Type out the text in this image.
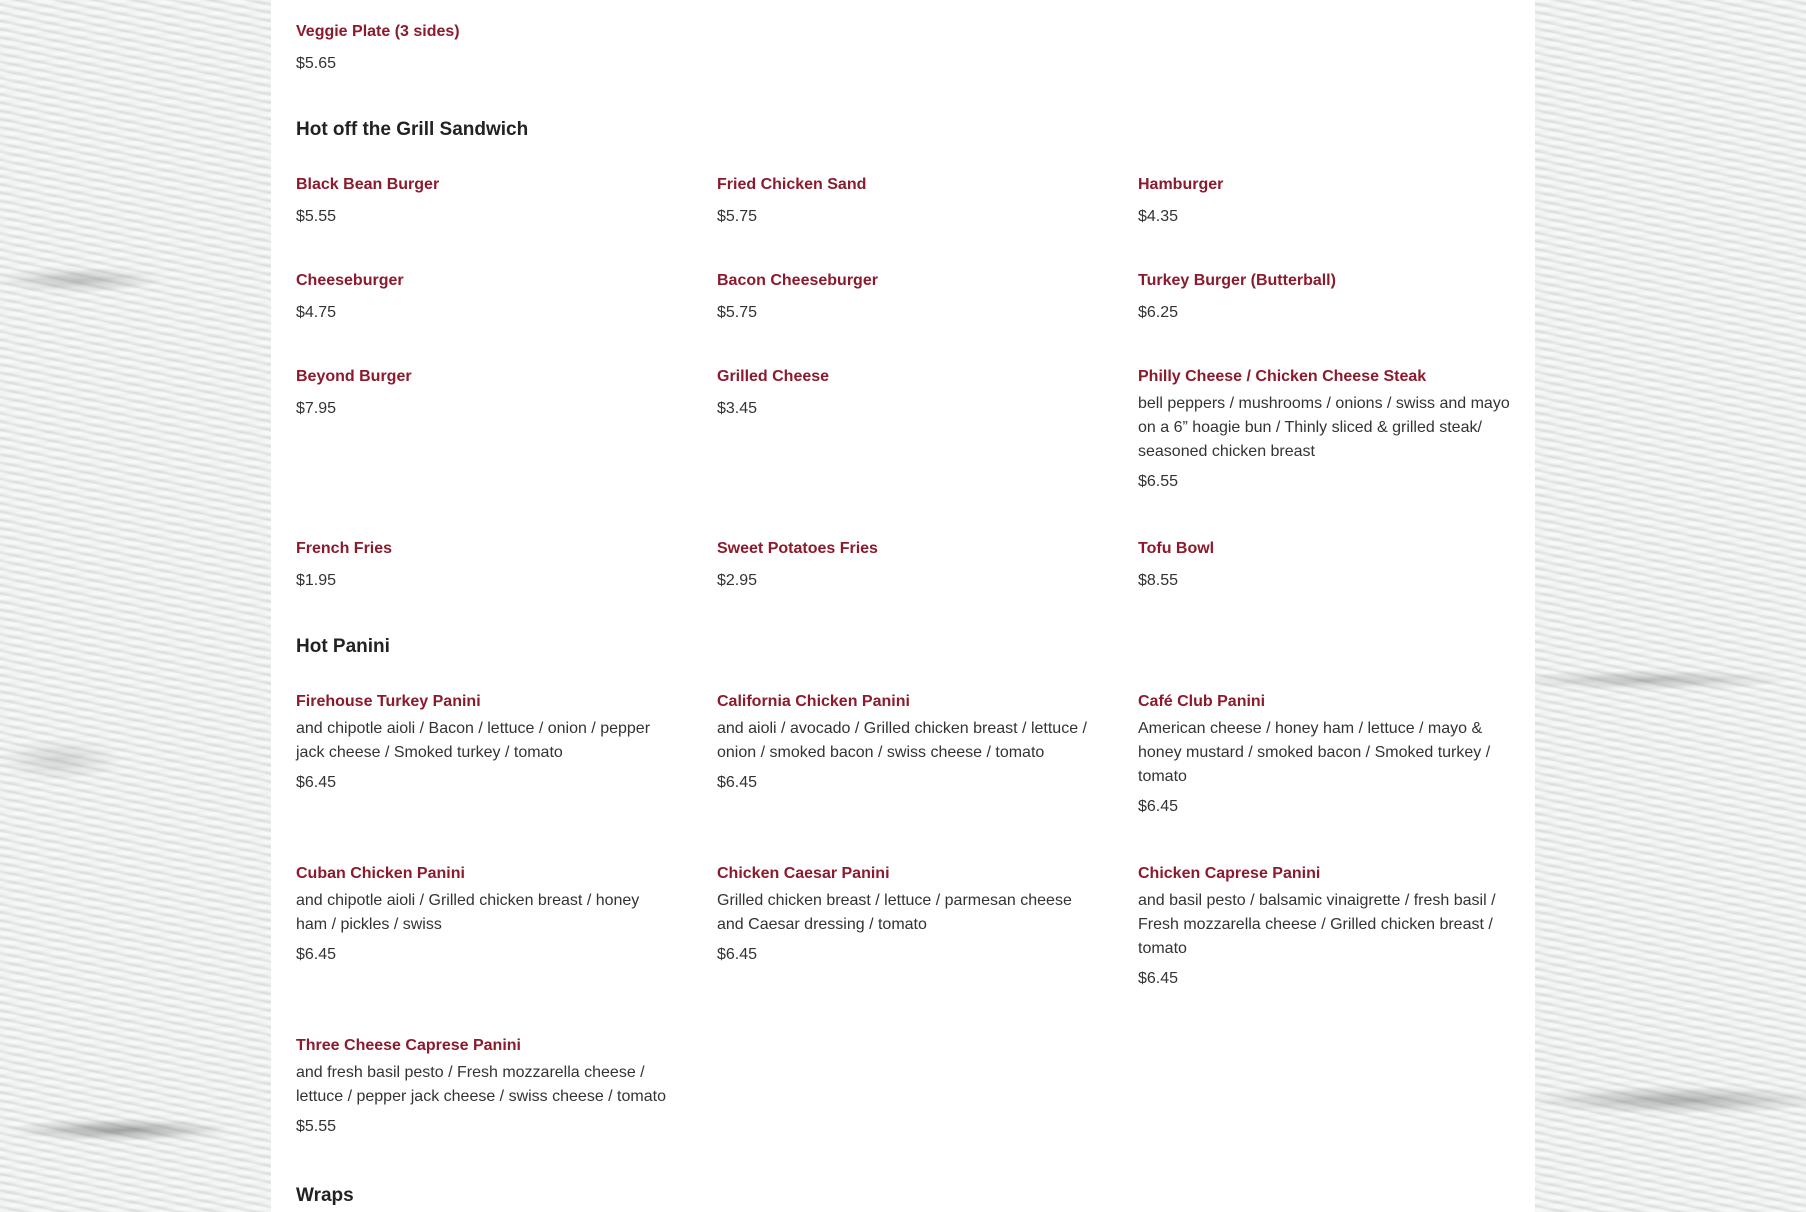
Veggie Plate (3 sides)

$5.65

Hot off the Grill Sandwich

Black Bean Burger

$5.55

Fried Chicken Sand

$5.75

Hamburger

$4.35

Cheeseburger

$4.75

Bacon Cheeseburger

$5.75

Turkey Burger (Butterball)

$6.25

Beyond Burger

$7.95

Grilled Cheese

$3.45

Philly Cheese / Chicken Cheese Steak

bell peppers / mushrooms / onions / swiss and mayo on a 6” hoagie bun / Thinly sliced & grilled steak/ seasoned chicken breast

$6.55

French Fries

$1.95

Sweet Potatoes Fries

$2.95

Tofu Bowl

$8.55

Hot Panini

Firehouse Turkey Panini

and chipotle aioli / Bacon / lettuce / onion / pepper jack cheese / Smoked turkey / tomato

$6.45

California Chicken Panini

and aioli / avocado / Grilled chicken breast / lettuce / onion / smoked bacon / swiss cheese / tomato

$6.45

Café Club Panini

American cheese / honey ham / lettuce / mayo & honey mustard / smoked bacon / Smoked turkey / tomato

$6.45

Cuban Chicken Panini

and chipotle aioli / Grilled chicken breast / honey ham / pickles / swiss

$6.45

Chicken Caesar Panini

Grilled chicken breast / lettuce / parmesan cheese and Caesar dressing / tomato

$6.45

Chicken Caprese Panini

and basil pesto / balsamic vinaigrette / fresh basil / Fresh mozzarella cheese / Grilled chicken breast / tomato

$6.45

Three Cheese Caprese Panini

and fresh basil pesto / Fresh mozzarella cheese / lettuce / pepper jack cheese / swiss cheese / tomato

$5.55

Wraps
